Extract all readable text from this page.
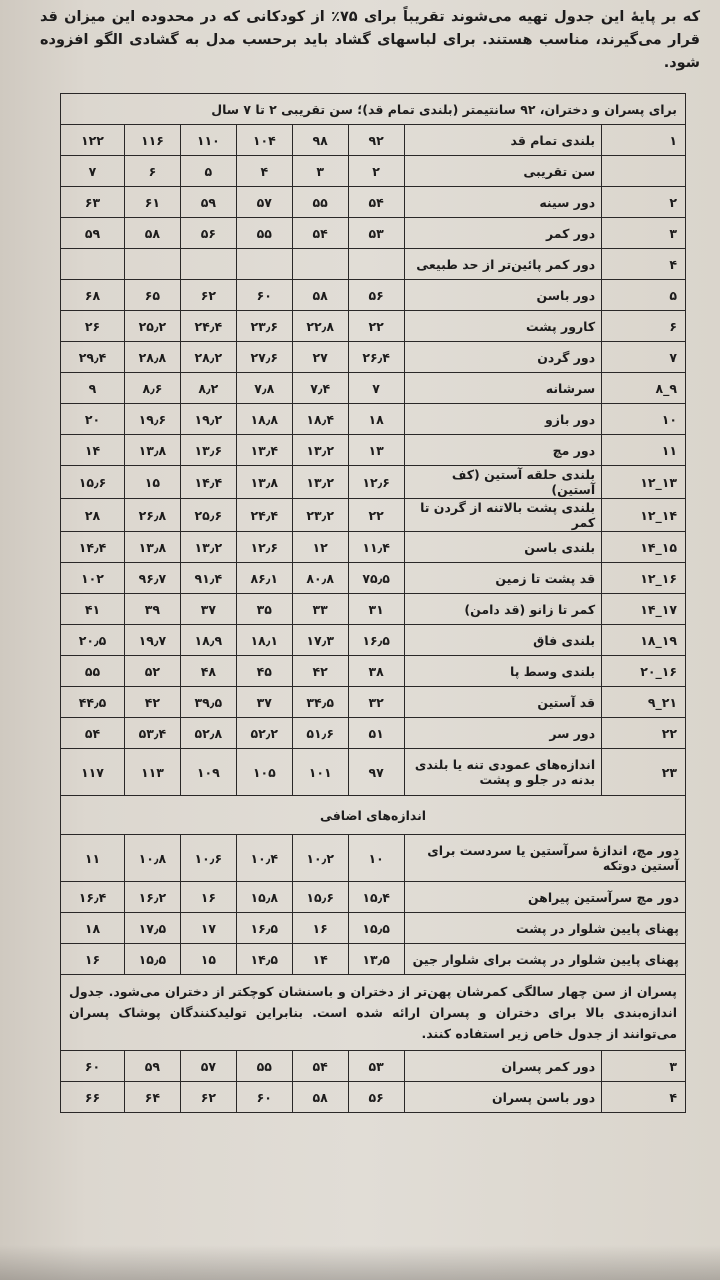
که بر پایهٔ این جدول تهیه می‌شوند تقریباً برای ۷۵٪ از کودکانی که در محدوده این میزان قد قرار می‌گیرند، مناسب هستند. برای لباسهای گشاد باید برحسب مدل به گشادی الگو افزوده شود.

برای پسران و دختران، ۹۲ سانتیمتر (بلندی تمام قد)؛ سن تقریبی ۲ تا ۷ سال							
۱	بلندی تمام قد	۹۲	۹۸	۱۰۴	۱۱۰	۱۱۶	۱۲۲
	سن تقریبی	۲	۳	۴	۵	۶	۷
۲	دور سینه	۵۴	۵۵	۵۷	۵۹	۶۱	۶۳
۳	دور کمر	۵۳	۵۴	۵۵	۵۶	۵۸	۵۹
۴	دور کمر پائین‌تر از حد طبیعی						
۵	دور باسن	۵۶	۵۸	۶۰	۶۲	۶۵	۶۸
۶	کارور پشت	۲۲	۲۲٫۸	۲۳٫۶	۲۴٫۴	۲۵٫۲	۲۶
۷	دور گردن	۲۶٫۴	۲۷	۲۷٫۶	۲۸٫۲	۲۸٫۸	۲۹٫۴
۸_۹	سرشانه	۷	۷٫۴	۷٫۸	۸٫۲	۸٫۶	۹
۱۰	دور بازو	۱۸	۱۸٫۴	۱۸٫۸	۱۹٫۲	۱۹٫۶	۲۰
۱۱	دور مچ	۱۳	۱۳٫۲	۱۳٫۴	۱۳٫۶	۱۳٫۸	۱۴
۱۲_۱۳	بلندی حلقه آستین (کف آستین)	۱۲٫۶	۱۳٫۲	۱۳٫۸	۱۴٫۴	۱۵	۱۵٫۶
۱۲_۱۴	بلندی پشت بالاتنه از گردن تا کمر	۲۲	۲۳٫۲	۲۴٫۴	۲۵٫۶	۲۶٫۸	۲۸
۱۴_۱۵	بلندی باسن	۱۱٫۴	۱۲	۱۲٫۶	۱۳٫۲	۱۳٫۸	۱۴٫۴
۱۲_۱۶	قد پشت تا زمین	۷۵٫۵	۸۰٫۸	۸۶٫۱	۹۱٫۴	۹۶٫۷	۱۰۲
۱۴_۱۷	کمر تا زانو (قد دامن)	۳۱	۳۳	۳۵	۳۷	۳۹	۴۱
۱۸_۱۹	بلندی فاق	۱۶٫۵	۱۷٫۳	۱۸٫۱	۱۸٫۹	۱۹٫۷	۲۰٫۵
۲۰_۱۶	بلندی وسط پا	۳۸	۴۲	۴۵	۴۸	۵۲	۵۵
۹_۲۱	قد آستین	۳۲	۳۴٫۵	۳۷	۳۹٫۵	۴۲	۴۴٫۵
۲۲	دور سر	۵۱	۵۱٫۶	۵۲٫۲	۵۲٫۸	۵۳٫۴	۵۴
۲۳	اندازه‌های عمودی تنه یا بلندی بدنه در جلو و پشت	۹۷	۱۰۱	۱۰۵	۱۰۹	۱۱۳	۱۱۷
اندازه‌های اضافی							
دور مچ، اندازهٔ سرآستین یا سردست برای آستین دوتکه		۱۰	۱۰٫۲	۱۰٫۴	۱۰٫۶	۱۰٫۸	۱۱
دور مچ سرآستین پیراهن		۱۵٫۴	۱۵٫۶	۱۵٫۸	۱۶	۱۶٫۲	۱۶٫۴
پهنای پایین شلوار در پشت		۱۵٫۵	۱۶	۱۶٫۵	۱۷	۱۷٫۵	۱۸
پهنای پایین شلوار در پشت برای شلوار جین		۱۳٫۵	۱۴	۱۴٫۵	۱۵	۱۵٫۵	۱۶
پسران از سن چهار سالگی کمرشان پهن‌تر از دختران و باسنشان کوچکتر از دختران می‌شود. جدول اندازه‌بندی بالا برای دختران و پسران ارائه شده است. بنابراین تولیدکنندگان پوشاک پسران می‌توانند از جدول خاص زیر استفاده کنند.							
۳	دور کمر پسران	۵۳	۵۴	۵۵	۵۷	۵۹	۶۰
۴	دور باسن پسران	۵۶	۵۸	۶۰	۶۲	۶۴	۶۶
